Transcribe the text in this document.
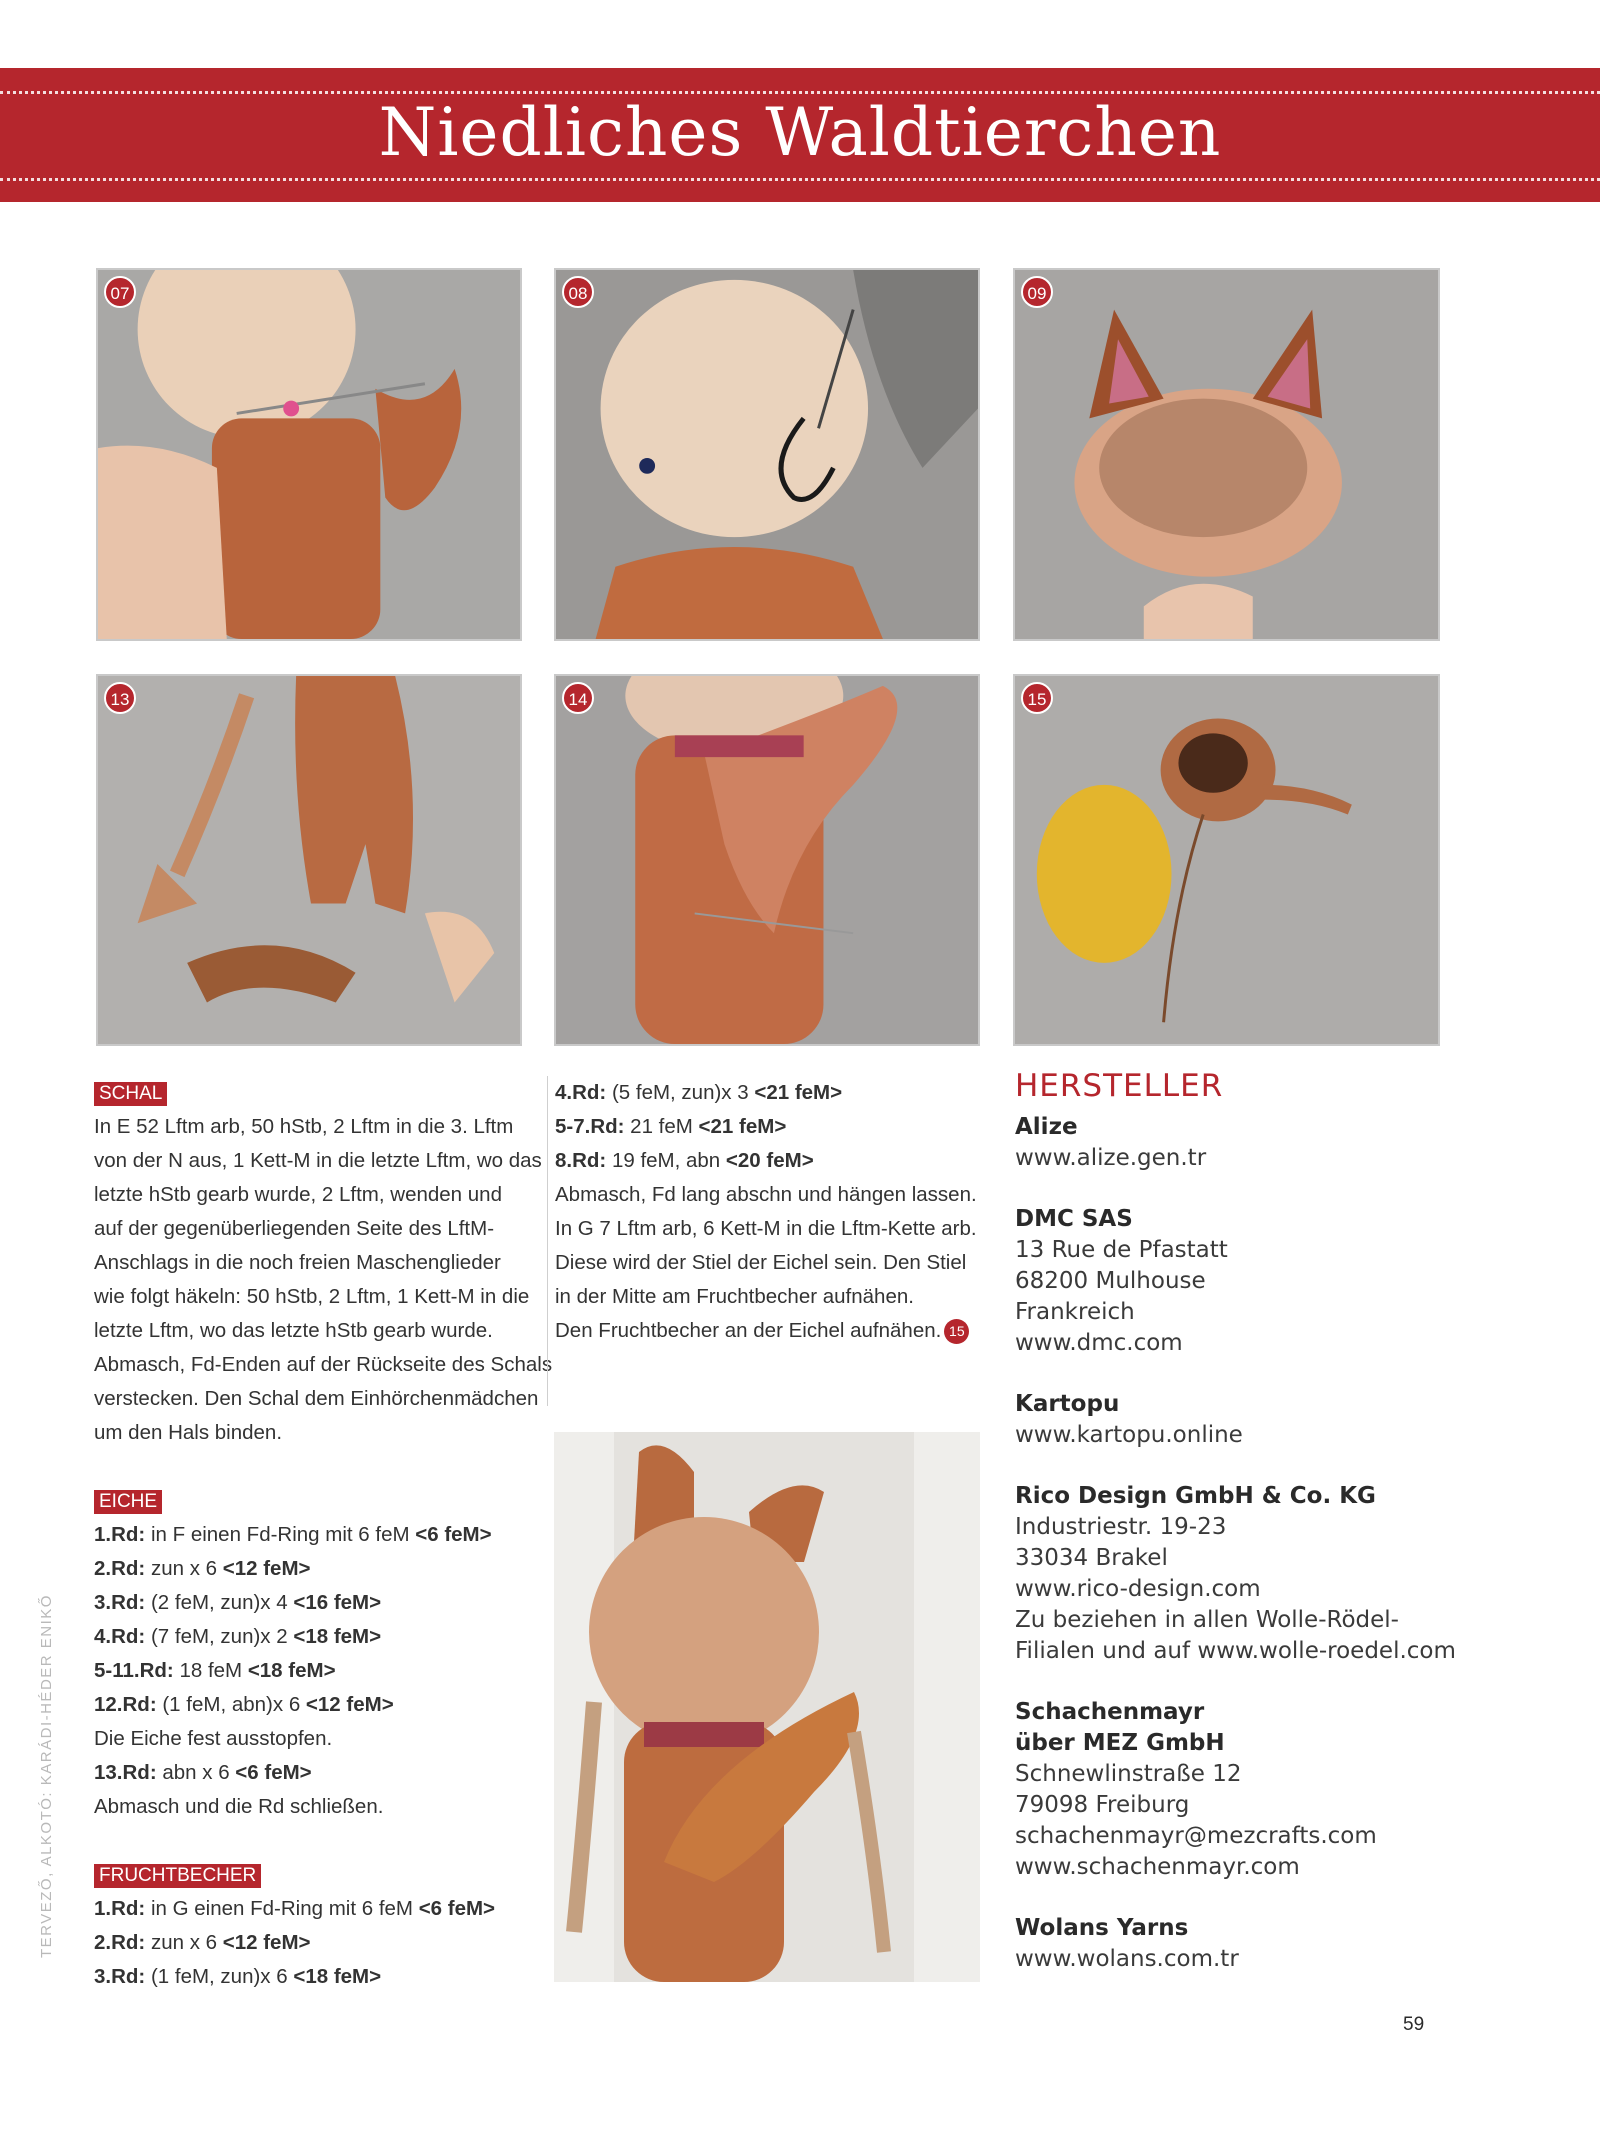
Niedliches Waldtierchen
07	08	09
13	14	15
SCHAL
In E 52 Lftm arb, 50 hStb, 2 Lftm in die 3. Lftm
von der N aus, 1 Kett-M in die letzte Lftm, wo das
letzte hStb gearb wurde, 2 Lftm, wenden und
auf der gegenüberliegenden Seite des LftM-
Anschlags in die noch freien Maschenglieder
wie folgt häkeln: 50 hStb, 2 Lftm, 1 Kett-M in die
letzte Lftm, wo das letzte hStb gearb wurde.
Abmasch, Fd-Enden auf der Rückseite des Schals
verstecken. Den Schal dem Einhörchenmädchen
um den Hals binden.
EICHE
1.Rd: in F einen Fd-Ring mit 6 feM <6 feM>
2.Rd: zun x 6 <12 feM>
3.Rd: (2 feM, zun)x 4 <16 feM>
4.Rd: (7 feM, zun)x 2 <18 feM>
5-11.Rd: 18 feM <18 feM>
12.Rd: (1 feM, abn)x 6 <12 feM>
Die Eiche fest ausstopfen.
13.Rd: abn x 6 <6 feM>
Abmasch und die Rd schließen.
FRUCHTBECHER
1.Rd: in G einen Fd-Ring mit 6 feM <6 feM>
2.Rd: zun x 6 <12 feM>
3.Rd: (1 feM, zun)x 6 <18 feM>
4.Rd: (5 feM, zun)x 3 <21 feM>
5-7.Rd: 21 feM <21 feM>
8.Rd: 19 feM, abn <20 feM>
Abmasch, Fd lang abschn und hängen lassen.
In G 7 Lftm arb, 6 Kett-M in die Lftm-Kette arb.
Diese wird der Stiel der Eichel sein. Den Stiel
in der Mitte am Fruchtbecher aufnähen.
Den Fruchtbecher an der Eichel aufnähen. 15
HERSTELLER
Alize
www.alize.gen.tr
DMC SAS
13 Rue de Pfastatt
68200 Mulhouse
Frankreich
www.dmc.com
Kartopu
www.kartopu.online
Rico Design GmbH & Co. KG
Industriestr. 19-23
33034 Brakel
www.rico-design.com
Zu beziehen in allen Wolle-Rödel-
Filialen und auf www.wolle-roedel.com
Schachenmayr
über MEZ GmbH
Schnewlinstraße 12
79098 Freiburg
schachenmayr@mezcrafts.com
www.schachenmayr.com
Wolans Yarns
www.wolans.com.tr
TERVEZŐ, ALKOTÓ: KARÁDI-HÉDER ENIKŐ
59
